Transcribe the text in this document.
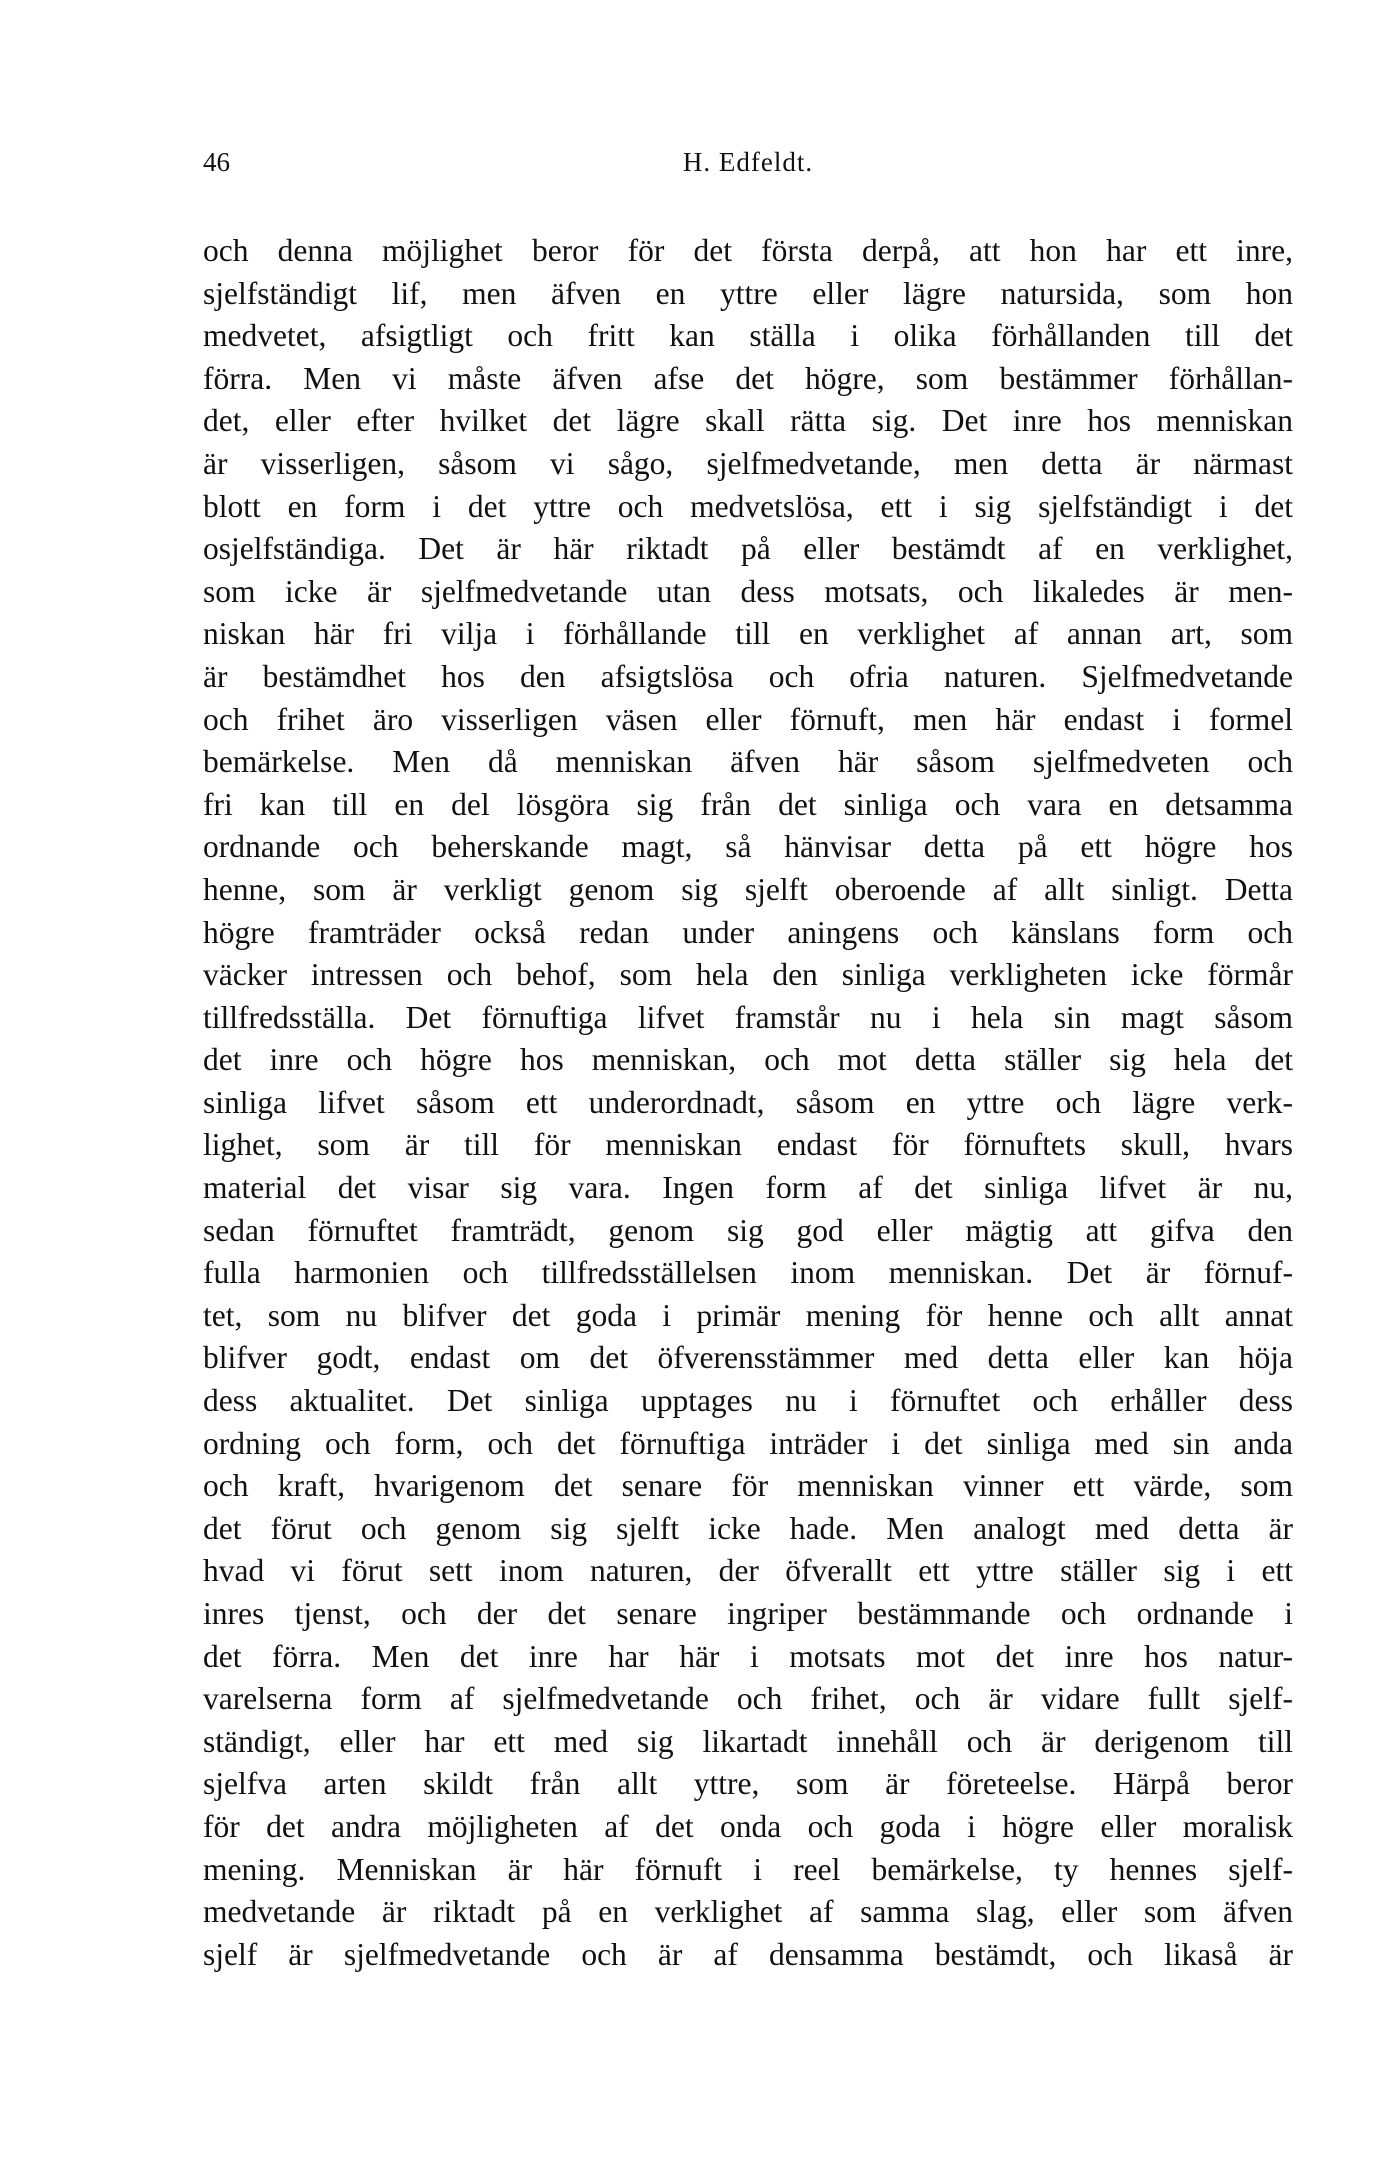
46	H. Edfeldt.
och denna möjlighet beror för det första derpå, att hon har ett inre,
sjelfständigt lif, men äfven en yttre eller lägre natursida, som hon
medvetet, afsigtligt och fritt kan ställa i olika förhållanden till det
förra. Men vi måste äfven afse det högre, som bestämmer förhållan-
det, eller efter hvilket det lägre skall rätta sig. Det inre hos menniskan
är visserligen, såsom vi sågo, sjelfmedvetande, men detta är närmast
blott en form i det yttre och medvetslösa, ett i sig sjelfständigt i det
osjelfständiga. Det är här riktadt på eller bestämdt af en verklighet,
som icke är sjelfmedvetande utan dess motsats, och likaledes är men-
niskan här fri vilja i förhållande till en verklighet af annan art, som
är bestämdhet hos den afsigtslösa och ofria naturen. Sjelfmedvetande
och frihet äro visserligen väsen eller förnuft, men här endast i formel
bemärkelse. Men då menniskan äfven här såsom sjelfmedveten och
fri kan till en del lösgöra sig från det sinliga och vara en detsamma
ordnande och beherskande magt, så hänvisar detta på ett högre hos
henne, som är verkligt genom sig sjelft oberoende af allt sinligt. Detta
högre framträder också redan under aningens och känslans form och
väcker intressen och behof, som hela den sinliga verkligheten icke förmår
tillfredsställa. Det förnuftiga lifvet framstår nu i hela sin magt såsom
det inre och högre hos menniskan, och mot detta ställer sig hela det
sinliga lifvet såsom ett underordnadt, såsom en yttre och lägre verk-
lighet, som är till för menniskan endast för förnuftets skull, hvars
material det visar sig vara. Ingen form af det sinliga lifvet är nu,
sedan förnuftet framträdt, genom sig god eller mägtig att gifva den
fulla harmonien och tillfredsställelsen inom menniskan. Det är förnuf-
tet, som nu blifver det goda i primär mening för henne och allt annat
blifver godt, endast om det öfverensstämmer med detta eller kan höja
dess aktualitet. Det sinliga upptages nu i förnuftet och erhåller dess
ordning och form, och det förnuftiga inträder i det sinliga med sin anda
och kraft, hvarigenom det senare för menniskan vinner ett värde, som
det förut och genom sig sjelft icke hade. Men analogt med detta är
hvad vi förut sett inom naturen, der öfverallt ett yttre ställer sig i ett
inres tjenst, och der det senare ingriper bestämmande och ordnande i
det förra. Men det inre har här i motsats mot det inre hos natur-
varelserna form af sjelfmedvetande och frihet, och är vidare fullt sjelf-
ständigt, eller har ett med sig likartadt innehåll och är derigenom till
sjelfva arten skildt från allt yttre, som är företeelse. Härpå beror
för det andra möjligheten af det onda och goda i högre eller moralisk
mening. Menniskan är här förnuft i reel bemärkelse, ty hennes sjelf-
medvetande är riktadt på en verklighet af samma slag, eller som äfven
sjelf är sjelfmedvetande och är af densamma bestämdt, och likaså är
